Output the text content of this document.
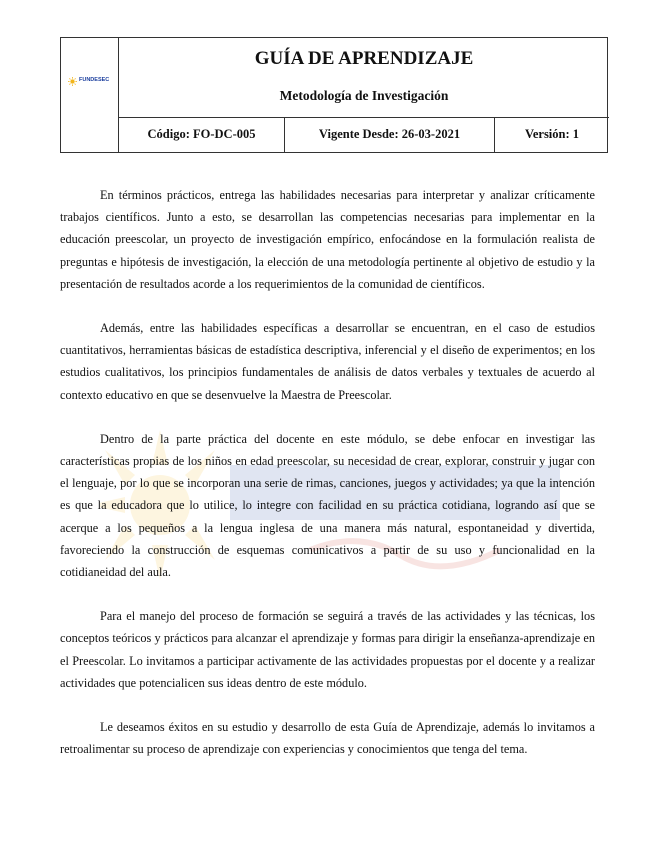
FUNDESEC
GUÍA DE APRENDIZAJE
Metodología de Investigación
Código: FO-DC-005	Vigente Desde: 26-03-2021	Versión: 1

En términos prácticos, entrega las habilidades necesarias para interpretar y analizar críticamente trabajos científicos. Junto a esto, se desarrollan las competencias necesarias para implementar en la educación preescolar, un proyecto de investigación empírico, enfocándose en la formulación realista de preguntas e hipótesis de investigación, la elección de una metodología pertinente al objetivo de estudio y la presentación de resultados acorde a los requerimientos de la comunidad de científicos.

Además, entre las habilidades específicas a desarrollar se encuentran, en el caso de estudios cuantitativos, herramientas básicas de estadística descriptiva, inferencial y el diseño de experimentos; en los estudios cualitativos, los principios fundamentales de análisis de datos verbales y textuales de acuerdo al contexto educativo en que se desenvuelve la Maestra de Preescolar.

Dentro de la parte práctica del docente en este módulo, se debe enfocar en investigar las características propias de los niños en edad preescolar, su necesidad de crear, explorar, construir y jugar con el lenguaje, por lo que se incorporan una serie de rimas, canciones, juegos y actividades; ya que la intención es que la educadora que lo utilice, lo integre con facilidad en su práctica cotidiana, logrando así que se acerque a los pequeños a la lengua inglesa de una manera más natural, espontaneidad y divertida, favoreciendo la construcción de esquemas comunicativos a partir de su uso y funcionalidad en la cotidianeidad del aula.

Para el manejo del proceso de formación se seguirá a través de las actividades y las técnicas, los conceptos teóricos y prácticos para alcanzar el aprendizaje y formas para dirigir la enseñanza-aprendizaje en el Preescolar. Lo invitamos a participar activamente de las actividades propuestas por el docente y a realizar actividades que potencialicen sus ideas dentro de este módulo.

Le deseamos éxitos en su estudio y desarrollo de esta Guía de Aprendizaje, además lo invitamos a retroalimentar su proceso de aprendizaje con experiencias y conocimientos que tenga del tema.
